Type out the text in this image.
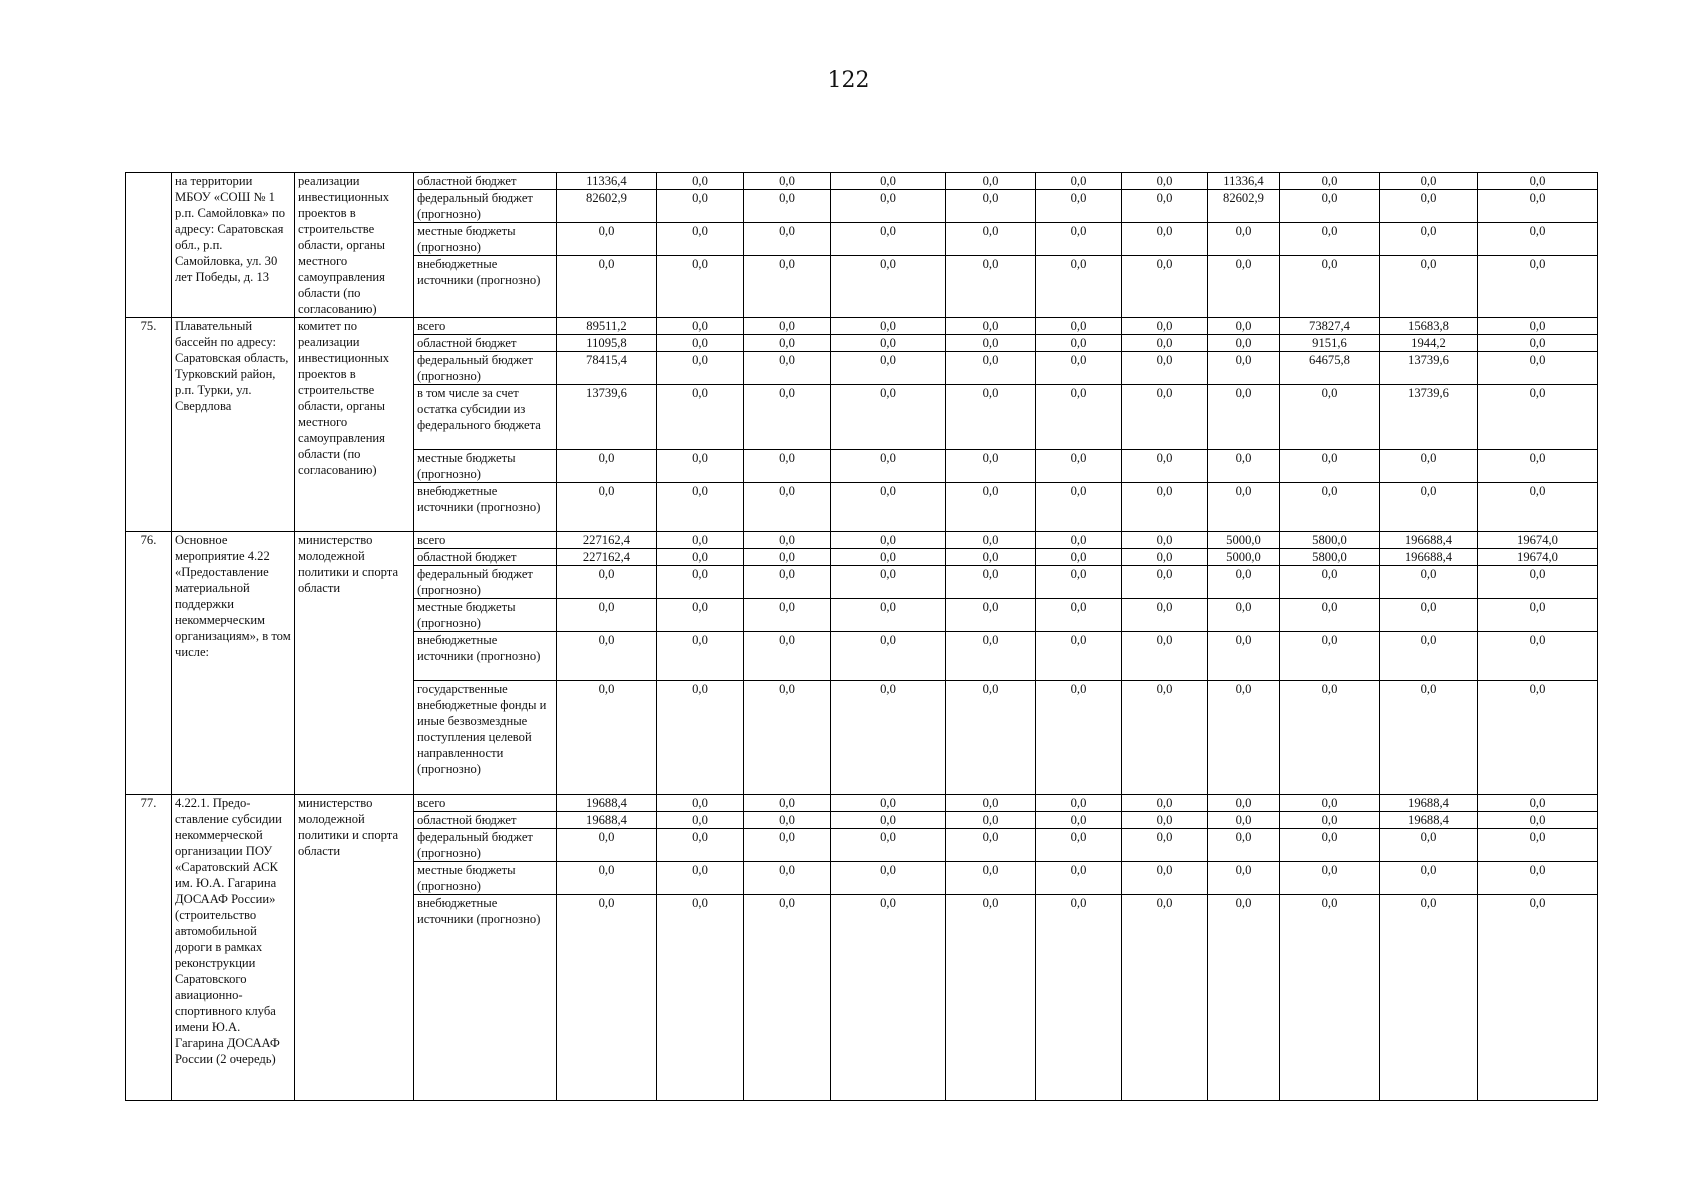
122
	на территории МБОУ «СОШ № 1 р.п. Самойловка» по адресу: Саратовская обл., р.п. Самойловка, ул. 30 лет Победы, д. 13	реализации инвестиционных проектов в строительстве области, органы местного самоуправления области (по согласованию)	областной бюджет	11336,4	0,0	0,0	0,0	0,0	0,0	0,0	11336,4	0,0	0,0	0,0
			федеральный бюджет (прогнозно)	82602,9	0,0	0,0	0,0	0,0	0,0	0,0	82602,9	0,0	0,0	0,0
			местные бюджеты (прогнозно)	0,0	0,0	0,0	0,0	0,0	0,0	0,0	0,0	0,0	0,0	0,0
			внебюджетные источники (прогнозно)	0,0	0,0	0,0	0,0	0,0	0,0	0,0	0,0	0,0	0,0	0,0
75.	Плавательный бассейн по адресу: Саратовская область, Турковский район, р.п. Турки, ул. Свердлова	комитет по реализации инвестиционных проектов в строительстве области, органы местного самоуправления области (по согласованию)	всего	89511,2	0,0	0,0	0,0	0,0	0,0	0,0	0,0	73827,4	15683,8	0,0
			областной бюджет	11095,8	0,0	0,0	0,0	0,0	0,0	0,0	0,0	9151,6	1944,2	0,0
			федеральный бюджет (прогнозно)	78415,4	0,0	0,0	0,0	0,0	0,0	0,0	0,0	64675,8	13739,6	0,0
			в том числе за счет остатка субсидии из федерального бюджета	13739,6	0,0	0,0	0,0	0,0	0,0	0,0	0,0	0,0	13739,6	0,0
			местные бюджеты (прогнозно)	0,0	0,0	0,0	0,0	0,0	0,0	0,0	0,0	0,0	0,0	0,0
			внебюджетные источники (прогнозно)	0,0	0,0	0,0	0,0	0,0	0,0	0,0	0,0	0,0	0,0	0,0
76.	Основное мероприятие 4.22 «Предоставление материальной поддержки некоммерческим организациям», в том числе:	министерство молодежной политики и спорта области	всего	227162,4	0,0	0,0	0,0	0,0	0,0	0,0	5000,0	5800,0	196688,4	19674,0
			областной бюджет	227162,4	0,0	0,0	0,0	0,0	0,0	0,0	5000,0	5800,0	196688,4	19674,0
			федеральный бюджет (прогнозно)	0,0	0,0	0,0	0,0	0,0	0,0	0,0	0,0	0,0	0,0	0,0
			местные бюджеты (прогнозно)	0,0	0,0	0,0	0,0	0,0	0,0	0,0	0,0	0,0	0,0	0,0
			внебюджетные источники (прогнозно)	0,0	0,0	0,0	0,0	0,0	0,0	0,0	0,0	0,0	0,0	0,0
			государственные внебюджетные фонды и иные безвозмездные поступления целевой направленности (прогнозно)	0,0	0,0	0,0	0,0	0,0	0,0	0,0	0,0	0,0	0,0	0,0
77.	4.22.1. Предо-ставление субсидии некоммерческой организации ПОУ «Саратовский АСК им. Ю.А. Гагарина ДОСААФ России» (строительство автомобильной дороги в рамках реконструкции Саратовского авиационно-спортивного клуба имени Ю.А. Гагарина ДОСААФ России (2 очередь)	министерство молодежной политики и спорта области	всего	19688,4	0,0	0,0	0,0	0,0	0,0	0,0	0,0	0,0	19688,4	0,0
			областной бюджет	19688,4	0,0	0,0	0,0	0,0	0,0	0,0	0,0	0,0	19688,4	0,0
			федеральный бюджет (прогнозно)	0,0	0,0	0,0	0,0	0,0	0,0	0,0	0,0	0,0	0,0	0,0
			местные бюджеты (прогнозно)	0,0	0,0	0,0	0,0	0,0	0,0	0,0	0,0	0,0	0,0	0,0
			внебюджетные источники (прогнозно)	0,0	0,0	0,0	0,0	0,0	0,0	0,0	0,0	0,0	0,0	0,0
